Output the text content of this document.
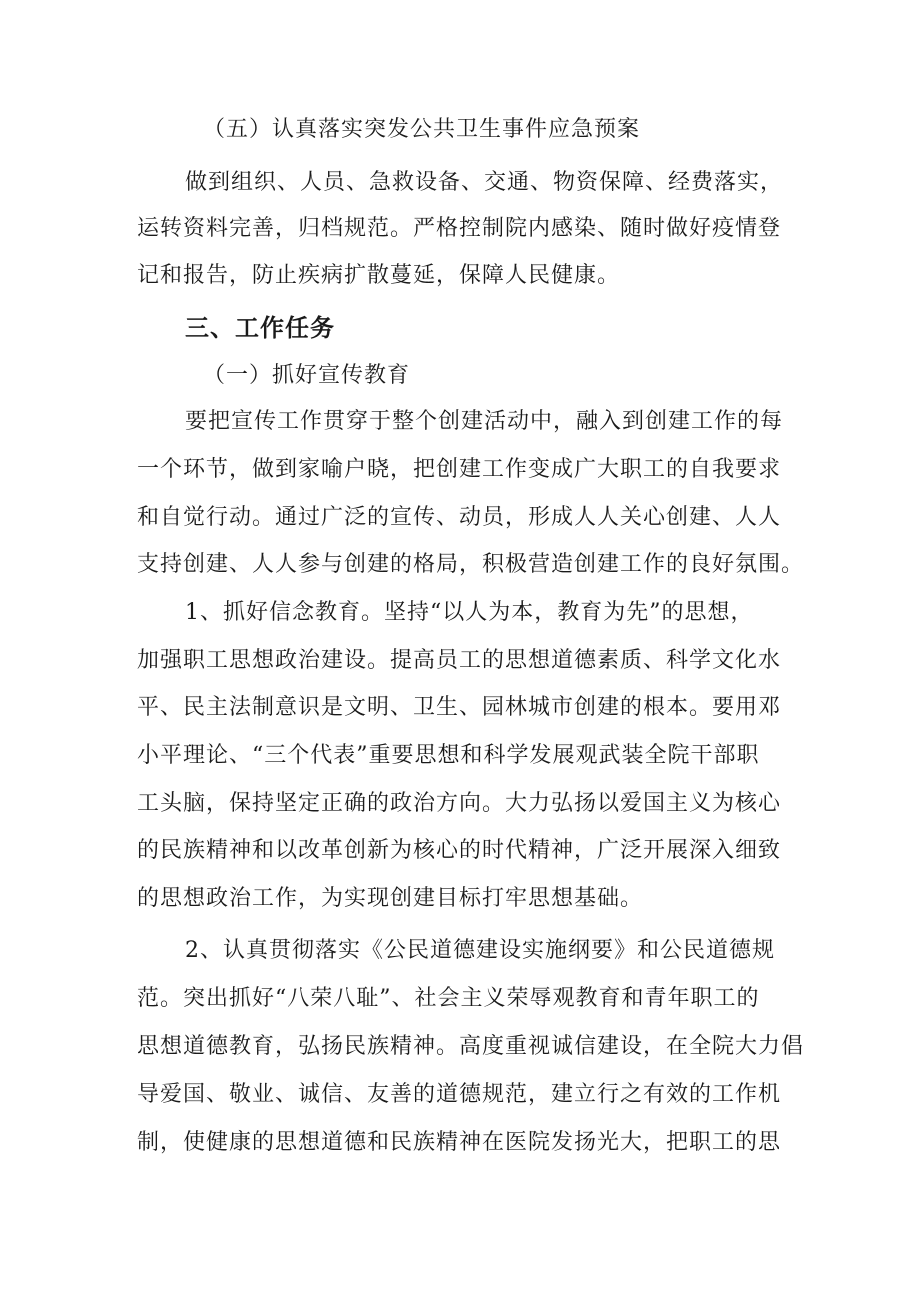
（五）认真落实突发公共卫生事件应急预案
做到组织、人员、急救设备、交通、物资保障、经费落实，
运转资料完善，归档规范。严格控制院内感染、随时做好疫情登
记和报告，防止疾病扩散蔓延，保障人民健康。
三、工作任务
（一）抓好宣传教育
要把宣传工作贯穿于整个创建活动中，融入到创建工作的每
一个环节，做到家喻户晓，把创建工作变成广大职工的自我要求
和自觉行动。通过广泛的宣传、动员，形成人人关心创建、人人
支持创建、人人参与创建的格局，积极营造创建工作的良好氛围。
1、抓好信念教育。坚持“以人为本，教育为先”的思想，
加强职工思想政治建设。提高员工的思想道德素质、科学文化水
平、民主法制意识是文明、卫生、园林城市创建的根本。要用邓
小平理论、“三个代表”重要思想和科学发展观武装全院干部职
工头脑，保持坚定正确的政治方向。大力弘扬以爱国主义为核心
的民族精神和以改革创新为核心的时代精神，广泛开展深入细致
的思想政治工作，为实现创建目标打牢思想基础。
2、认真贯彻落实《公民道德建设实施纲要》和公民道德规
范。突出抓好“八荣八耻”、社会主义荣辱观教育和青年职工的
思想道德教育，弘扬民族精神。高度重视诚信建设，在全院大力倡
导爱国、敬业、诚信、友善的道德规范，建立行之有效的工作机
制，使健康的思想道德和民族精神在医院发扬光大，把职工的思
